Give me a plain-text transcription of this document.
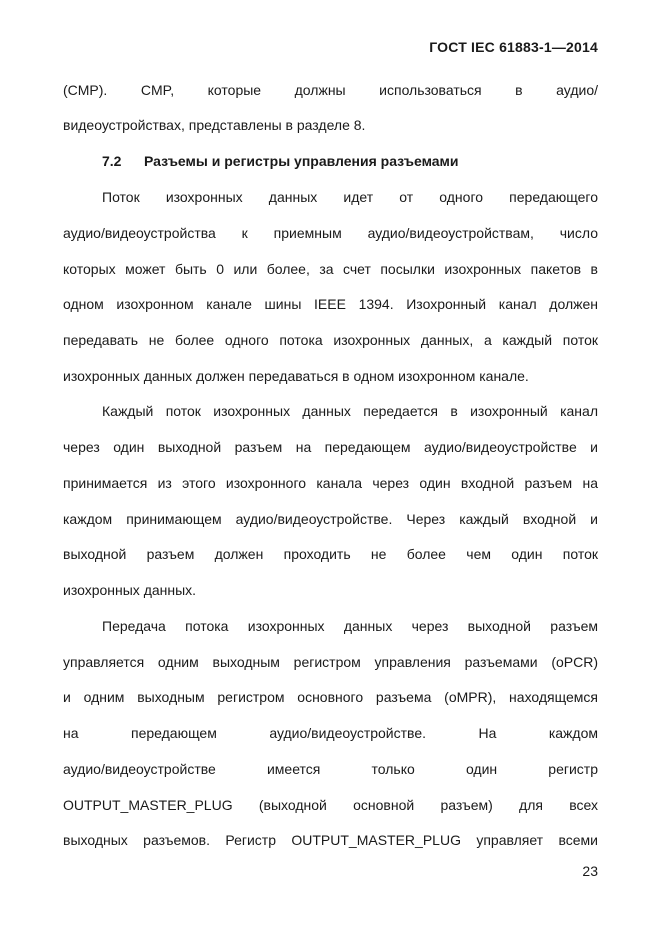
ГОСТ IEC 61883-1—2014
(CMP). CMP, которые должны использоваться в аудио/
видеоустройствах, представлены в разделе 8.
7.2 Разъемы и регистры управления разъемами
Поток изохронных данных идет от одного передающего
аудио/видеоустройства к приемным аудио/видеоустройствам, число
которых может быть 0 или более, за счет посылки изохронных пакетов в
одном изохронном канале шины IEEE 1394. Изохронный канал должен
передавать не более одного потока изохронных данных, а каждый поток
изохронных данных должен передаваться в одном изохронном канале.
Каждый поток изохронных данных передается в изохронный канал
через один выходной разъем на передающем аудио/видеоустройстве и
принимается из этого изохронного канала через один входной разъем на
каждом принимающем аудио/видеоустройстве. Через каждый входной и
выходной разъем должен проходить не более чем один поток
изохронных данных.
Передача потока изохронных данных через выходной разъем
управляется одним выходным регистром управления разъемами (oPCR)
и одним выходным регистром основного разъема (oMPR), находящемся
на передающем аудио/видеоустройстве. На каждом
аудио/видеоустройстве имеется только один регистр
OUTPUT_MASTER_PLUG (выходной основной разъем) для всех
выходных разъемов. Регистр OUTPUT_MASTER_PLUG управляет всеми
23
